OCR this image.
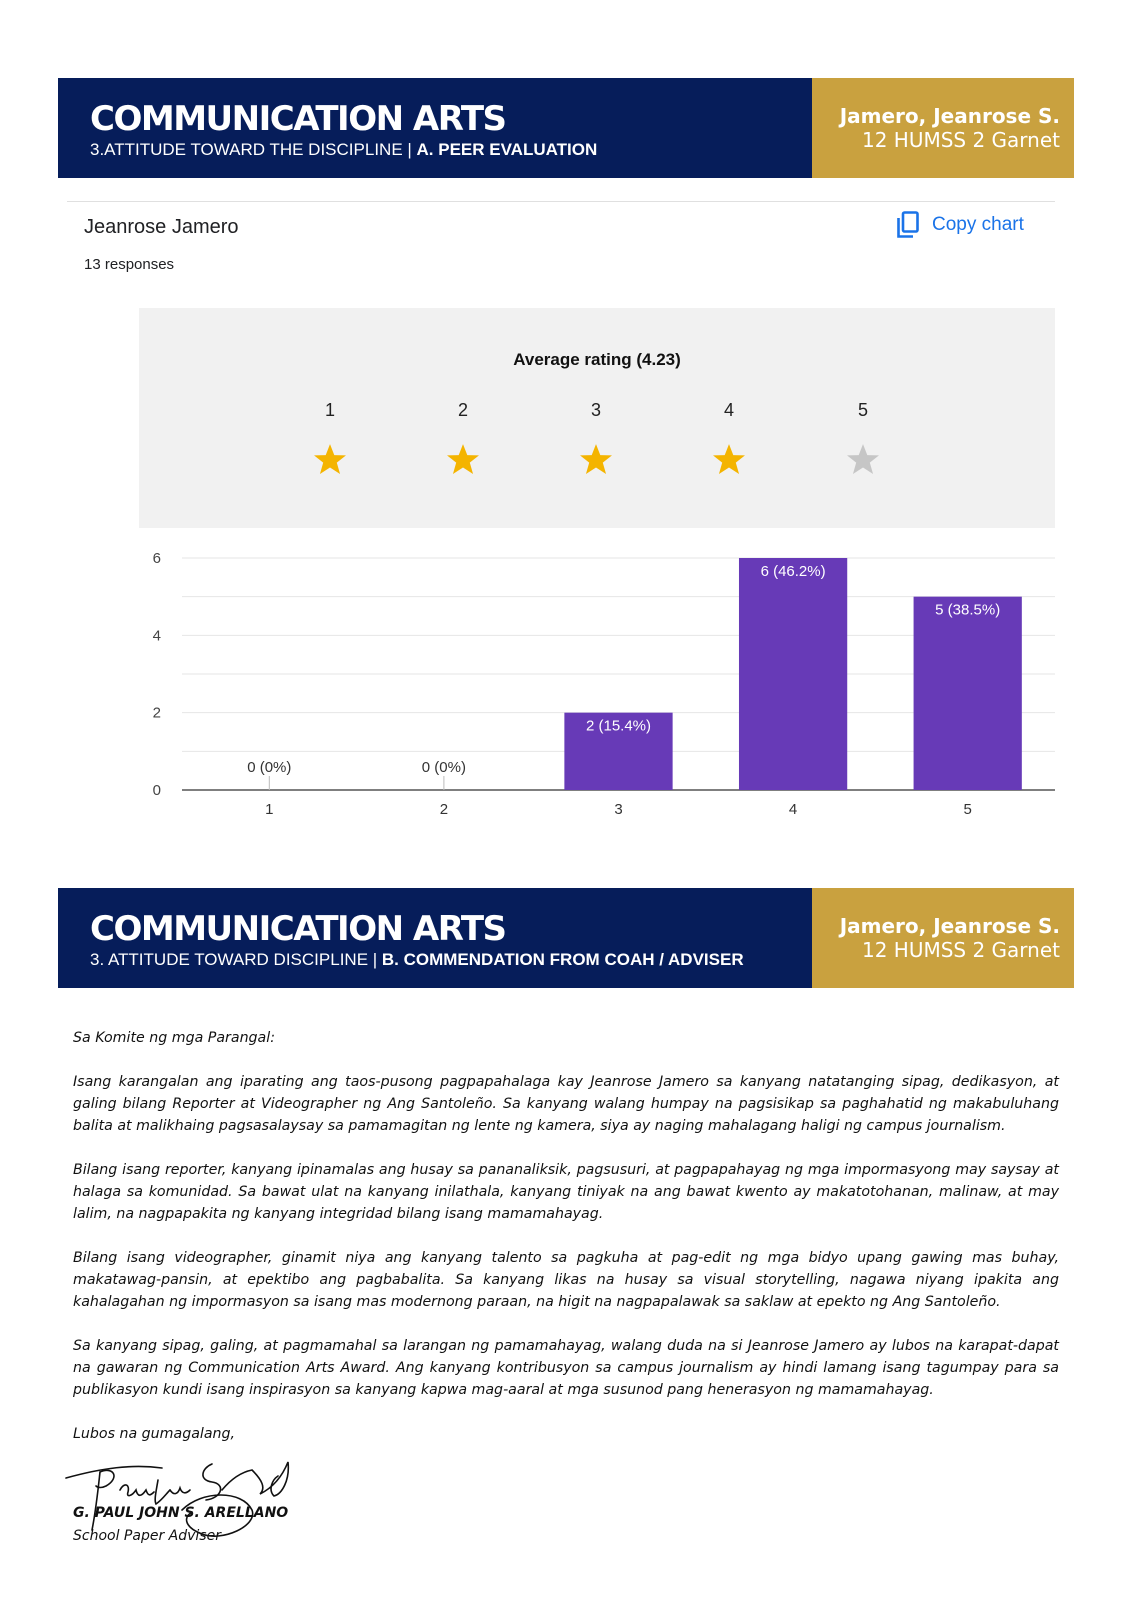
COMMUNICATION ARTS
3.ATTITUDE TOWARD THE DISCIPLINE | A. PEER EVALUATION
Jamero, Jeanrose S.
12 HUMSS 2 Garnet
Jeanrose Jamero
13 responses
Copy chart
Average rating (4.23)
1	2	3	4	5
0
2
4
6
0 (0%)
1
0 (0%)
2
2 (15.4%)
3
6 (46.2%)
4
5 (38.5%)
5
COMMUNICATION ARTS
3. ATTITUDE TOWARD DISCIPLINE | B. COMMENDATION FROM COAH / ADVISER
Jamero, Jeanrose S.
12 HUMSS 2 Garnet

Sa Komite ng mga Parangal:

Isang karangalan ang iparating ang taos-pusong pagpapahalaga kay Jeanrose Jamero sa kanyang natatanging sipag, dedikasyon, at galing bilang Reporter at Videographer ng Ang Santoleño. Sa kanyang walang humpay na pagsisikap sa paghahatid ng makabuluhang balita at malikhaing pagsasalaysay sa pamamagitan ng lente ng kamera, siya ay naging mahalagang haligi ng campus journalism.

Bilang isang reporter, kanyang ipinamalas ang husay sa pananaliksik, pagsusuri, at pagpapahayag ng mga impormasyong may saysay at halaga sa komunidad. Sa bawat ulat na kanyang inilathala, kanyang tiniyak na ang bawat kwento ay makatotohanan, malinaw, at may lalim, na nagpapakita ng kanyang integridad bilang isang mamamahayag.

Bilang isang videographer, ginamit niya ang kanyang talento sa pagkuha at pag-edit ng mga bidyo upang gawing mas buhay, makatawag-pansin, at epektibo ang pagbabalita. Sa kanyang likas na husay sa visual storytelling, nagawa niyang ipakita ang kahalagahan ng impormasyon sa isang mas modernong paraan, na higit na nagpapalawak sa saklaw at epekto ng Ang Santoleño.

Sa kanyang sipag, galing, at pagmamahal sa larangan ng pamamahayag, walang duda na si Jeanrose Jamero ay lubos na karapat-dapat na gawaran ng Communication Arts Award. Ang kanyang kontribusyon sa campus journalism ay hindi lamang isang tagumpay para sa publikasyon kundi isang inspirasyon sa kanyang kapwa mag-aaral at mga susunod pang henerasyon ng mamamahayag.

Lubos na gumagalang,

G. PAUL JOHN S. ARELLANO
School Paper Adviser
